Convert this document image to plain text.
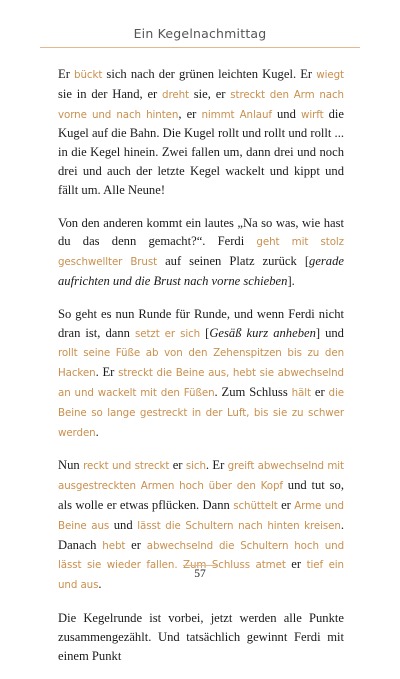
Ein Kegelnachmittag

Er bückt sich nach der grünen leichten Kugel. Er wiegt sie in der Hand, er dreht sie, er streckt den Arm nach vorne und nach hinten, er nimmt Anlauf und wirft die Kugel auf die Bahn. Die Kugel rollt und rollt und rollt ... in die Kegel hinein. Zwei fallen um, dann drei und noch drei und auch der letzte Kegel wackelt und kippt und fällt um. Alle Neune!

Von den anderen kommt ein lautes „Na so was, wie hast du das denn gemacht?“. Ferdi geht mit stolz geschwellter Brust auf seinen Platz zurück [gerade aufrichten und die Brust nach vorne schieben].

So geht es nun Runde für Runde, und wenn Ferdi nicht dran ist, dann setzt er sich [Gesäß kurz anheben] und rollt seine Füße ab von den Zehenspitzen bis zu den Hacken. Er streckt die Beine aus, hebt sie abwechselnd an und wackelt mit den Füßen. Zum Schluss hält er die Beine so lange gestreckt in der Luft, bis sie zu schwer werden.

Nun reckt und streckt er sich. Er greift abwechselnd mit ausgestreckten Armen hoch über den Kopf und tut so, als wolle er etwas pflücken. Dann schüttelt er Arme und Beine aus und lässt die Schultern nach hinten kreisen. Danach hebt er abwechselnd die Schultern hoch und lässt sie wieder fallen. Zum Schluss atmet er tief ein und aus.

Die Kegelrunde ist vorbei, jetzt werden alle Punkte zusammengezählt. Und tatsächlich gewinnt Ferdi mit einem Punkt

57
